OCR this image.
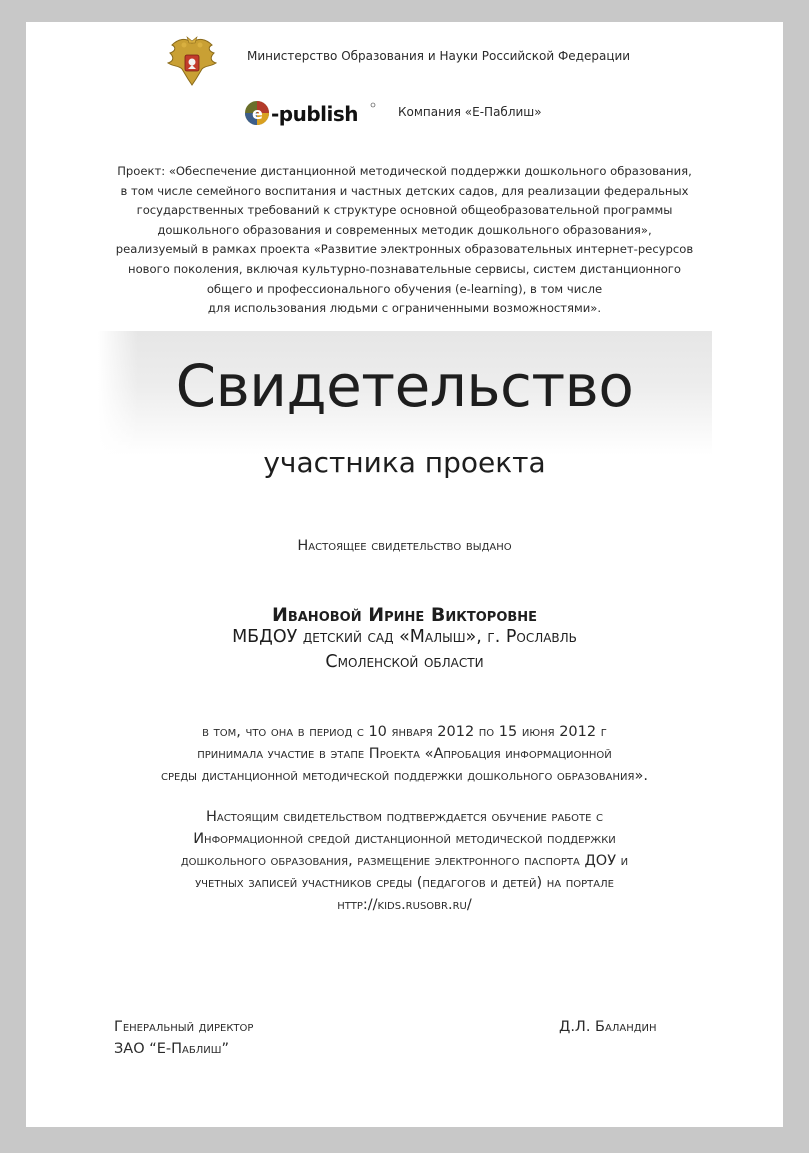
Министерство Образования и Науки Российской Федерации
e -publish	Компания «Е-Паблиш»
Проект: «Обеспечение дистанционной методической поддержки дошкольного образования,
в том числе семейного воспитания и частных детских садов, для реализации федеральных
государственных требований к структуре основной общеобразовательной программы
дошкольного образования и современных методик дошкольного образования»,
реализуемый в рамках проекта «Развитие электронных образовательных интернет-ресурсов
нового поколения, включая культурно-познавательные сервисы, систем дистанционного
общего и профессионального обучения (e-learning), в том числе
для использования людьми с ограниченными возможностями».
Свидетельство
участника проекта
Настоящее свидетельство выдано
Ивановой Ирине Викторовне
МБДОУ детский сад «Малыш», г. Рославль
Смоленской области
в том, что она в период с 10 января 2012 по 15 июня 2012 г
принимала участие в этапе Проекта «Апробация информационной
среды дистанционной методической поддержки дошкольного образования».
Настоящим свидетельством подтверждается обучение работе с
Информационной средой дистанционной методической поддержки
дошкольного образования, размещение электронного паспорта ДОУ и
учетных записей участников среды (педагогов и детей) на портале
http://kids.rusobr.ru/
Генеральный директор
ЗАО “Е-Паблиш”
Д.Л. Баландин
